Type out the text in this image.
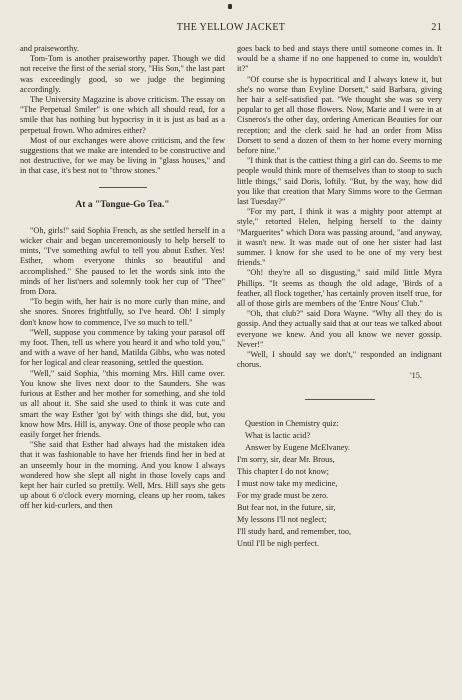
THE YELLOW JACKET	21

and praiseworthy.

Tom-Tom is another praiseworthy paper. Though we did not receive the first of the serial story, "His Son," the last part was exceedingly good, so we judge the beginning accordingly.

The University Magazine is above criticism. The essay on "The Perpetual Smiler" is one which all should read, for a smile that has nothing but hypocrisy in it is just as bad as a perpetual frown. Who admires either?

Most of our exchanges were above criticism, and the few suggestions that we make are intended to be constructive and not destructive, for we may be living in "glass houses," and in that case, it's best not to "throw stones."

At a "Tongue-Go Tea."

"Oh, girls!" said Sophia French, as she settled herself in a wicker chair and began unceremoniously to help herself to mints, "I've something awful to tell you about Esther. Yes! Esther, whom everyone thinks so beautiful and accomplished." She paused to let the words sink into the minds of her list'ners and solemnly took her cup of "Thee" from Dora.

"To begin with, her hair is no more curly than mine, and she snores. Snores frightfully, so I've heard. Oh! I simply don't know how to commence, I've so much to tell."

"Well, suppose you commence by taking your parasol off my foot. Then, tell us where you heard it and who told you," and with a wave of her hand, Matilda Gibbs, who was noted for her logical and clear reasoning, settled the question.

"Well," said Sophia, "this morning Mrs. Hill came over. You know she lives next door to the Saunders. She was furious at Esther and her mother for something, and she told us all about it. She said she used to think it was cute and smart the way Esther 'got by' with things she did, but, you know how Mrs. Hill is, anyway. One of those people who can easily forget her friends.

"She said that Esther had always had the mistaken idea that it was fashionable to have her friends find her in bed at an unseemly hour in the morning. And you know I always wondered how she slept all night in those lovely caps and kept her hair curled so prettily. Well, Mrs. Hill says she gets up about 6 o'clock every morning, cleans up her room, takes off her kid-curlers, and then

goes back to bed and stays there until someone comes in. It would be a shame if no one happened to come in, wouldn't it?"

"Of course she is hypocritical and I always knew it, but she's no worse than Evyline Dorsett," said Barbara, giving her hair a self-satisfied pat. "We thought she was so very popular to get all those flowers. Now, Marie and I were in at Cisneros's the other day, ordering American Beauties for our reception; and the clerk said he had an order from Miss Dorsett to send a dozen of them to her home every morning before nine."

"I think that is the cattiest thing a girl can do. Seems to me people would think more of themselves than to stoop to such little things," said Doris, loftily. "But, by the way, how did you like that creation that Mary Simms wore to the German last Tuesday?"

"For my part, I think it was a mighty poor attempt at style," retorted Helen, helping herself to the dainty "Marguerites" which Dora was passing around, "and anyway, it wasn't new. It was made out of one her sister had last summer. I know for she used to be one of my very best friends."

"Oh! they're all so disgusting," said mild little Myra Phillips. "It seems as though the old adage, 'Birds of a feather, all flock together,' has certainly proven itself true, for all of those girls are members of the 'Entre Nous' Club."

"Oh, that club?" said Dora Wayne. "Why all they do is gossip. And they actually said that at our teas we talked about everyone we knew. And you all know we never gossip. Never!"

"Well, I should say we don't," responded an indignant chorus.

'15.

Question in Chemistry quiz:

What is lactic acid?

Answer by Eugene McElvaney.

I'm sorry, sir, dear Mr. Brous,

This chapter I do not know;

I must now take my medicine,

For my grade must be zero.

But fear not, in the future, sir,

My lessons I'll not neglect;

I'll study hard, and remember, too,

Until I'll be nigh perfect.
